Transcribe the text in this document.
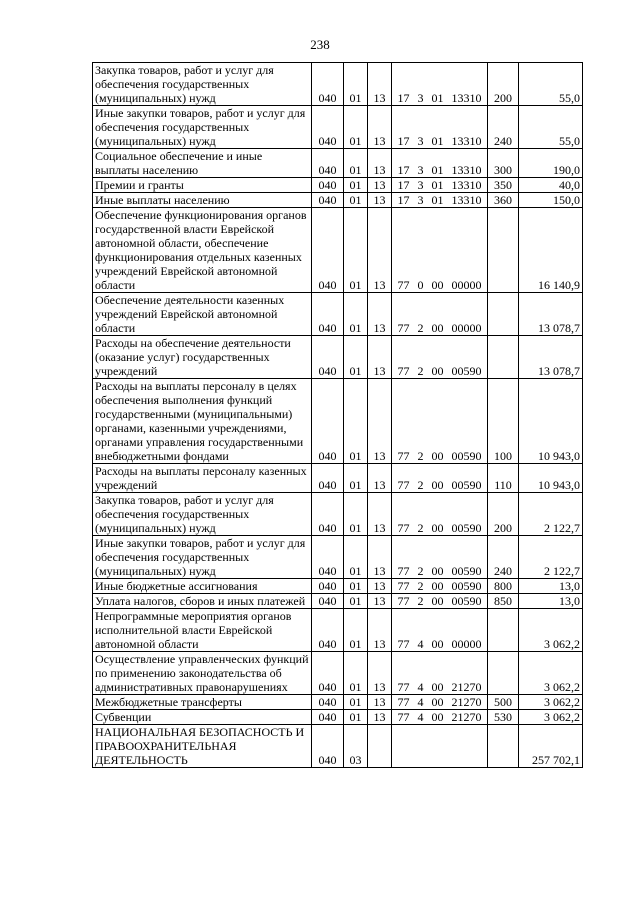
238
Закупка товаров, работ и услуг для обеспечения государственных (муниципальных) нужд	040	01	13	17 3 01 13310	200	55,0
Иные закупки товаров, работ и услуг для обеспечения государственных (муниципальных) нужд	040	01	13	17 3 01 13310	240	55,0
Социальное обеспечение и иные выплаты населению	040	01	13	17 3 01 13310	300	190,0
Премии и гранты	040	01	13	17 3 01 13310	350	40,0
Иные выплаты населению	040	01	13	17 3 01 13310	360	150,0
Обеспечение функционирования органов государственной власти Еврейской автономной области, обеспечение функционирования отдельных казенных учреждений Еврейской автономной области	040	01	13	77 0 00 00000		16 140,9
Обеспечение деятельности казенных учреждений Еврейской автономной области	040	01	13	77 2 00 00000		13 078,7
Расходы на обеспечение деятельности (оказание услуг) государственных учреждений	040	01	13	77 2 00 00590		13 078,7
Расходы на выплаты персоналу в целях обеспечения выполнения функций государственными (муниципальными) органами, казенными учреждениями, органами управления государственными внебюджетными фондами	040	01	13	77 2 00 00590	100	10 943,0
Расходы на выплаты персоналу казенных учреждений	040	01	13	77 2 00 00590	110	10 943,0
Закупка товаров, работ и услуг для обеспечения государственных (муниципальных) нужд	040	01	13	77 2 00 00590	200	2 122,7
Иные закупки товаров, работ и услуг для обеспечения государственных (муниципальных) нужд	040	01	13	77 2 00 00590	240	2 122,7
Иные бюджетные ассигнования	040	01	13	77 2 00 00590	800	13,0
Уплата налогов, сборов и иных платежей	040	01	13	77 2 00 00590	850	13,0
Непрограммные мероприятия органов исполнительной власти Еврейской автономной области	040	01	13	77 4 00 00000		3 062,2
Осуществление управленческих функций по применению законодательства об административных правонарушениях	040	01	13	77 4 00 21270		3 062,2
Межбюджетные трансферты	040	01	13	77 4 00 21270	500	3 062,2
Субвенции	040	01	13	77 4 00 21270	530	3 062,2
НАЦИОНАЛЬНАЯ БЕЗОПАСНОСТЬ И ПРАВООХРАНИТЕЛЬНАЯ ДЕЯТЕЛЬНОСТЬ	040	03				257 702,1
